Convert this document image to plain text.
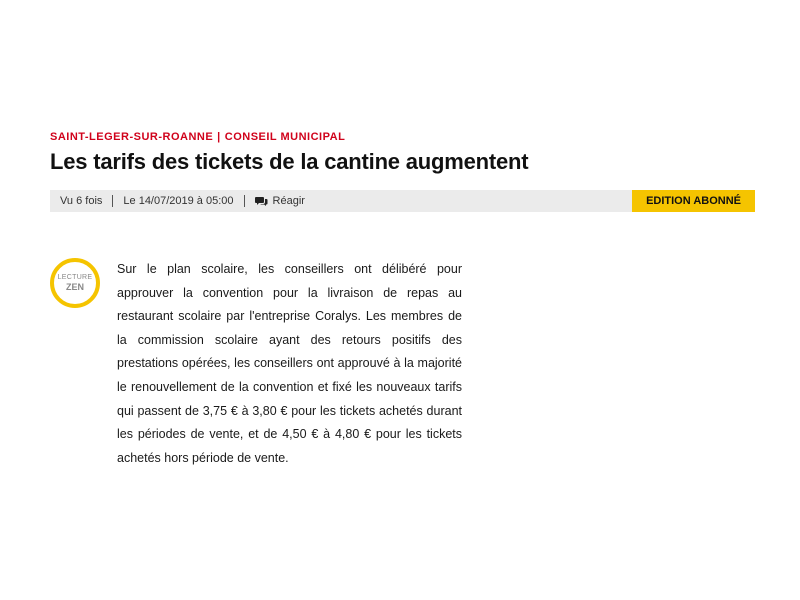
SAINT-LEGER-SUR-ROANNE | CONSEIL MUNICIPAL
Les tarifs des tickets de la cantine augmentent
Vu 6 fois Le 14/07/2019 à 05:00	Réagir	EDITION ABONNÉ
LECTURE
ZEN

Sur le plan scolaire, les conseillers ont délibéré pour approuver la convention pour la livraison de repas au restaurant scolaire par l'entreprise Coralys. Les membres de la commission scolaire ayant des retours positifs des prestations opérées, les conseillers ont approuvé à la majorité le renouvellement de la convention et fixé les nouveaux tarifs qui passent de 3,75 € à 3,80 € pour les tickets achetés durant les périodes de vente, et de 4,50 € à 4,80 € pour les tickets achetés hors période de vente.
